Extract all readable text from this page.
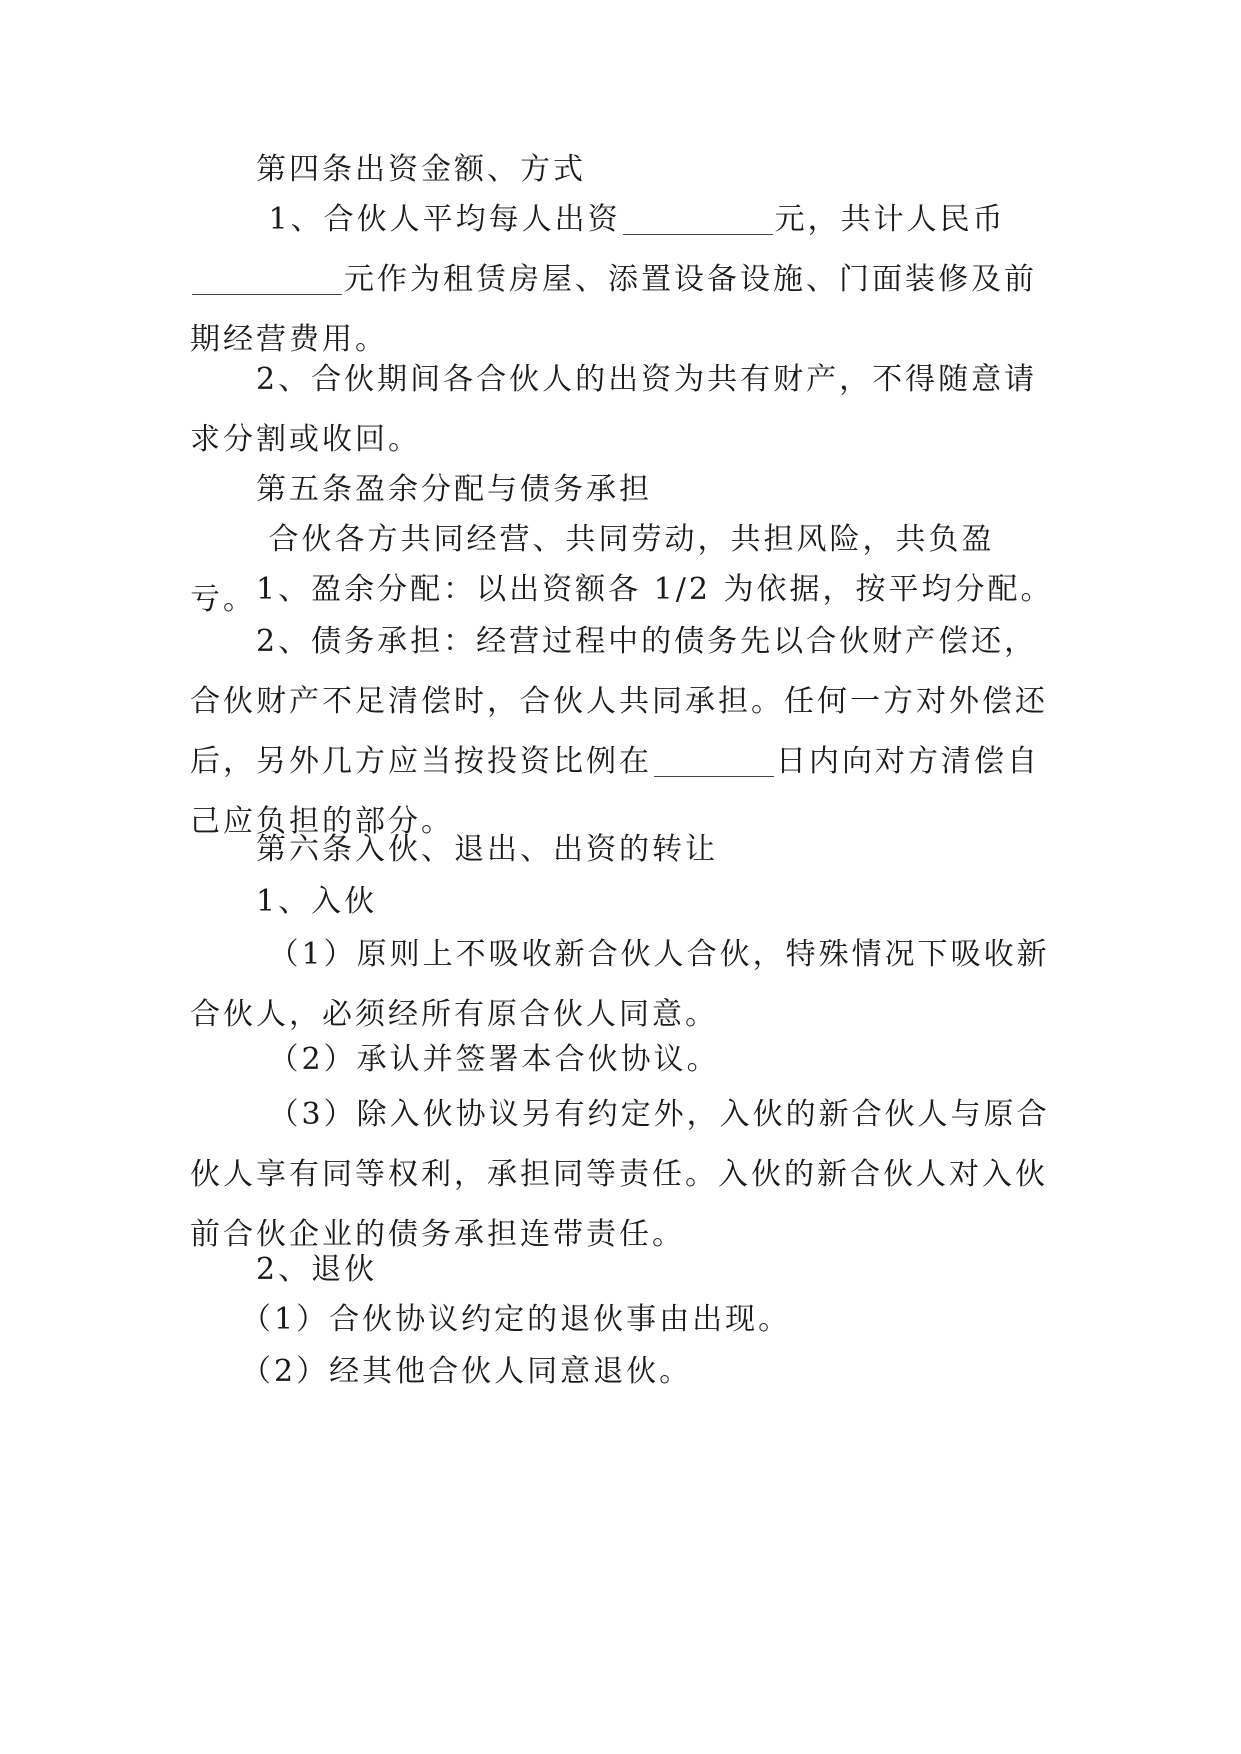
　　第四条出资金额、方式

　　 1、合伙人平均每人出资	元，共计人民币元作为租赁房屋、添置设备设施、门面装修及前期经营费用。

　　2、合伙期间各合伙人的出资为共有财产，不得随意请求分割或收回。

　　第五条盈余分配与债务承担

　　 合伙各方共同经营、共同劳动，共担风险，共负盈亏。

　　 1、盈余分配：以出资额各 1/2 为依据，按平均分配。

　　2、债务承担：经营过程中的债务先以合伙财产偿还，合伙财产不足清偿时，合伙人共同承担。任何一方对外偿还后，另外几方应当按投资比例在	日内向对方清偿自己应负担的部分。

　　第六条入伙、退出、出资的转让

　　1、入伙

　　 （1）原则上不吸收新合伙人合伙，特殊情况下吸收新合伙人，必须经所有原合伙人同意。

　　 （2）承认并签署本合伙协议。

　　 （3）除入伙协议另有约定外，入伙的新合伙人与原合伙人享有同等权利，承担同等责任。入伙的新合伙人对入伙前合伙企业的债务承担连带责任。

　　2、退伙

　　（1）合伙协议约定的退伙事由出现。

　　（2）经其他合伙人同意退伙。
